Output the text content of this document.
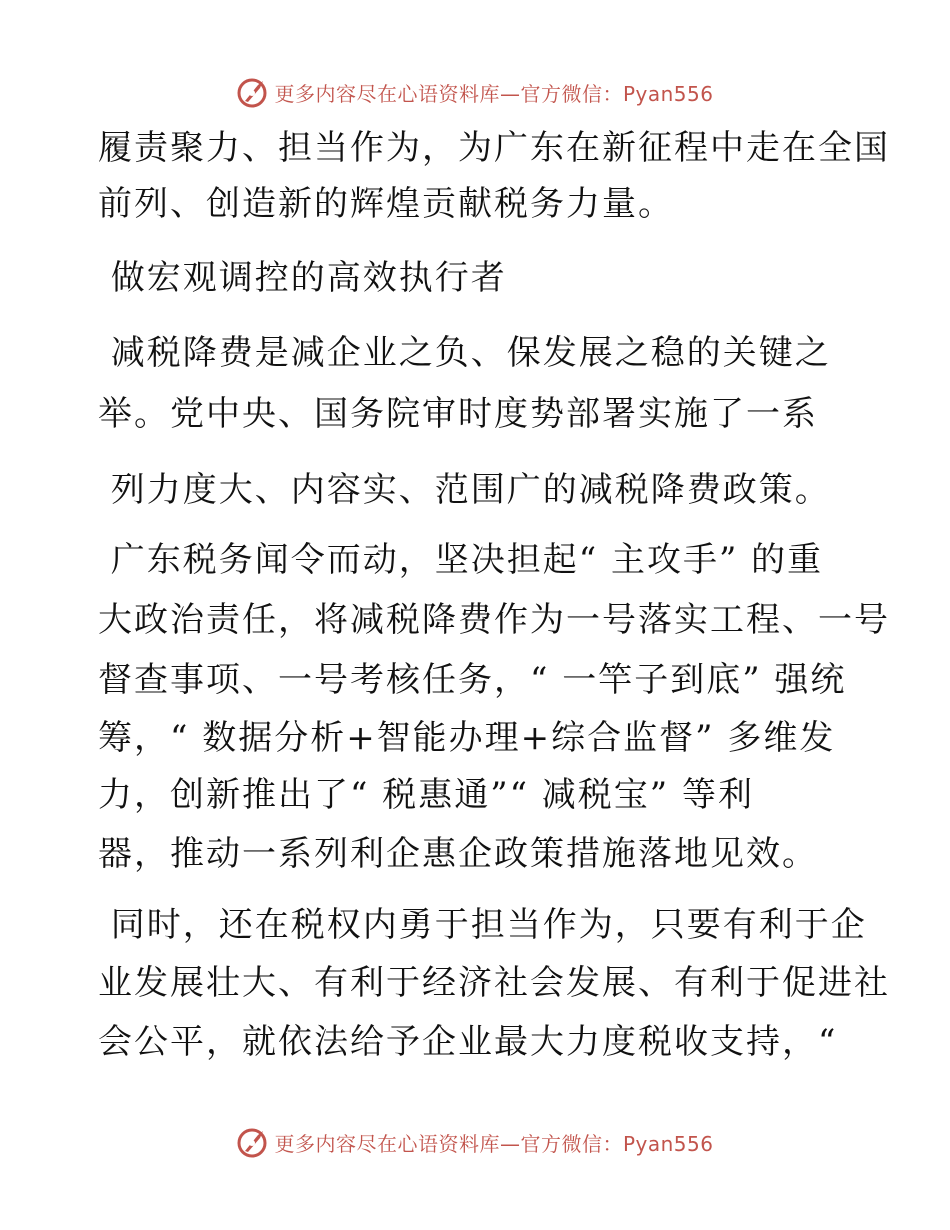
更多内容尽在心语资料库—官方微信：Pyan556
履责聚力、担当作为，为广东在新征程中走在全国
前列、创造新的辉煌贡献税务力量。
做宏观调控的高效执行者
减税降费是减企业之负、保发展之稳的关键之
举。党中央、国务院审时度势部署实施了一系
列力度大、内容实、范围广的减税降费政策。
广东税务闻令而动，坚决担起“ 主攻手” 的重
大政治责任，将减税降费作为一号落实工程、一号
督查事项、一号考核任务，“ 一竿子到底” 强统
筹，“ 数据分析+智能办理+综合监督” 多维发
力，创新推出了“ 税惠通”“ 减税宝” 等利
器，推动一系列利企惠企政策措施落地见效。
同时，还在税权内勇于担当作为，只要有利于企
业发展壮大、有利于经济社会发展、有利于促进社
会公平，就依法给予企业最大力度税收支持，“
更多内容尽在心语资料库—官方微信：Pyan556
